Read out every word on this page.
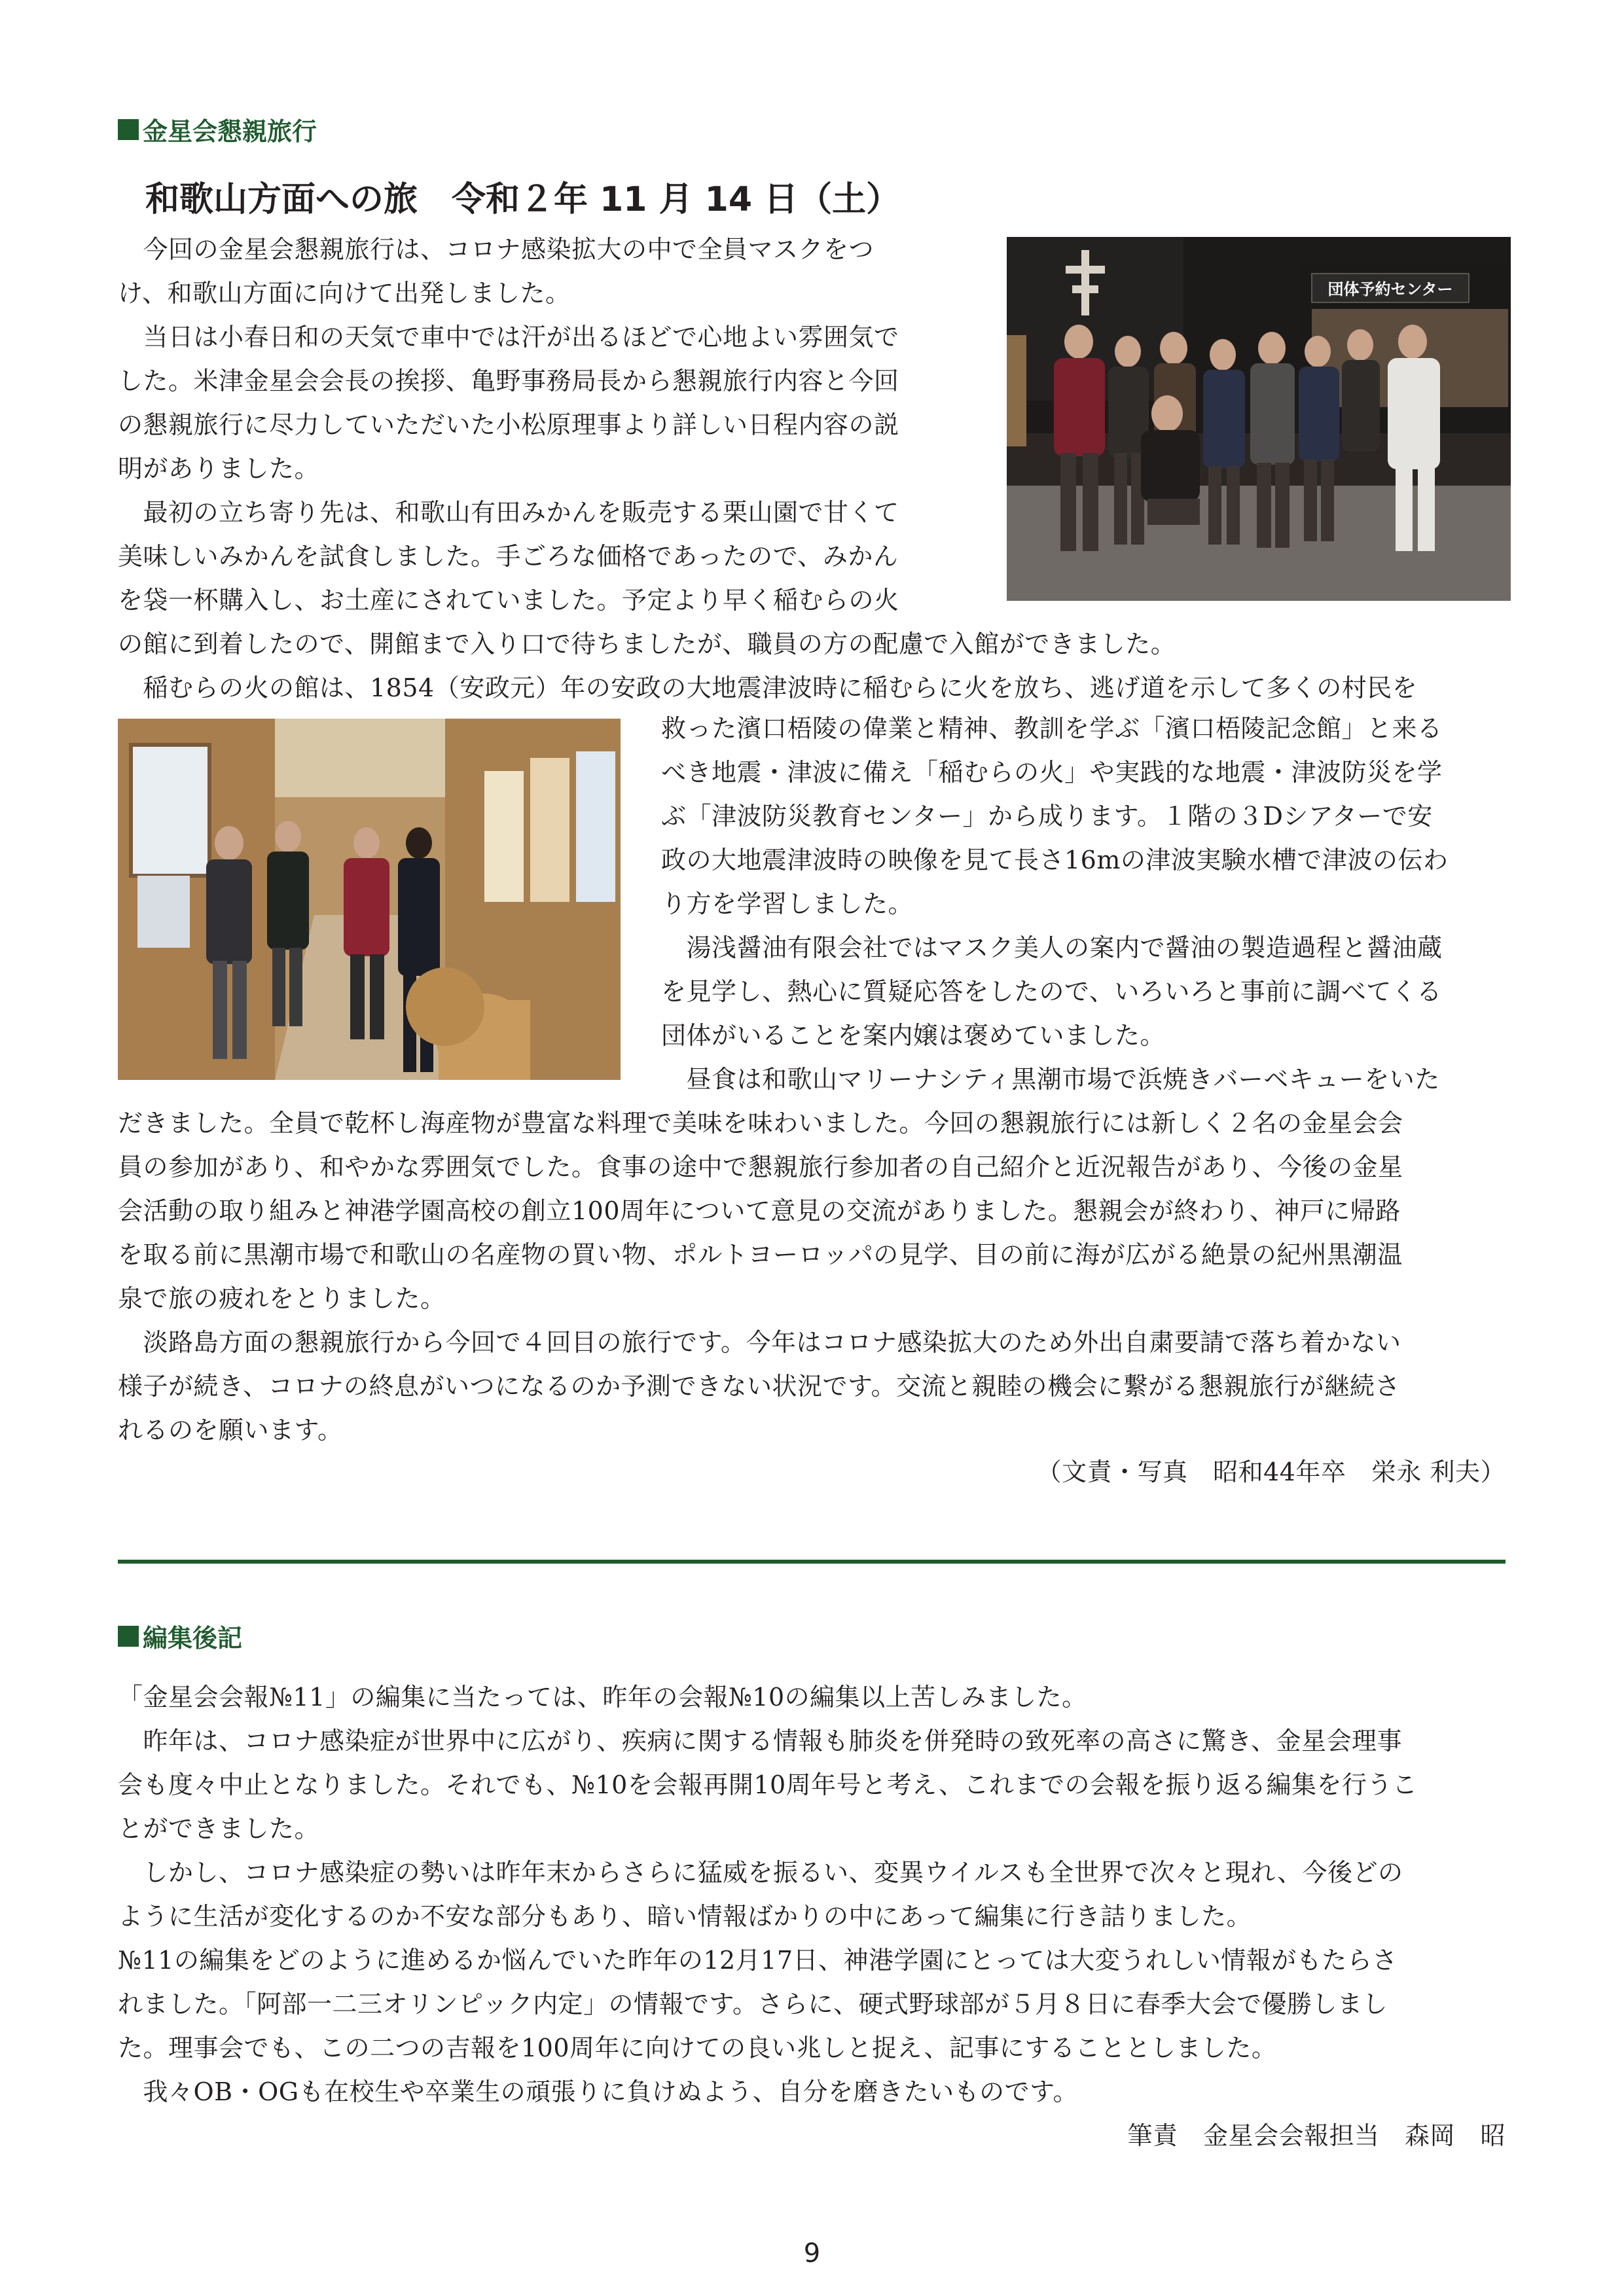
金星会懇親旅行
和歌山方面への旅　令和２年 11 月 14 日（土）
団体予約センター
　今回の金星会懇親旅行は、コロナ感染拡大の中で全員マスクをつ
け、和歌山方面に向けて出発しました。
　当日は小春日和の天気で車中では汗が出るほどで心地よい雰囲気で
した。米津金星会会長の挨拶、亀野事務局長から懇親旅行内容と今回
の懇親旅行に尽力していただいた小松原理事より詳しい日程内容の説
明がありました。
　最初の立ち寄り先は、和歌山有田みかんを販売する栗山園で甘くて
美味しいみかんを試食しました。手ごろな価格であったので、みかん
を袋一杯購入し、お土産にされていました。予定より早く稲むらの火
の館に到着したので、開館まで入り口で待ちましたが、職員の方の配慮で入館ができました。
　稲むらの火の館は、1854（安政元）年の安政の大地震津波時に稲むらに火を放ち、逃げ道を示して多くの村民を
救った濱口梧陵の偉業と精神、教訓を学ぶ「濱口梧陵記念館」と来る
べき地震・津波に備え「稲むらの火」や実践的な地震・津波防災を学
ぶ「津波防災教育センター」から成ります。１階の３Dシアターで安
政の大地震津波時の映像を見て長さ16mの津波実験水槽で津波の伝わ
り方を学習しました。
　湯浅醤油有限会社ではマスク美人の案内で醤油の製造過程と醤油蔵
を見学し、熱心に質疑応答をしたので、いろいろと事前に調べてくる
団体がいることを案内嬢は褒めていました。
　昼食は和歌山マリーナシティ黒潮市場で浜焼きバーベキューをいた
だきました。全員で乾杯し海産物が豊富な料理で美味を味わいました。今回の懇親旅行には新しく２名の金星会会
員の参加があり、和やかな雰囲気でした。食事の途中で懇親旅行参加者の自己紹介と近況報告があり、今後の金星
会活動の取り組みと神港学園高校の創立100周年について意見の交流がありました。懇親会が終わり、神戸に帰路
を取る前に黒潮市場で和歌山の名産物の買い物、ポルトヨーロッパの見学、目の前に海が広がる絶景の紀州黒潮温
泉で旅の疲れをとりました。
　淡路島方面の懇親旅行から今回で４回目の旅行です。今年はコロナ感染拡大のため外出自粛要請で落ち着かない
様子が続き、コロナの終息がいつになるのか予測できない状況です。交流と親睦の機会に繋がる懇親旅行が継続さ
れるのを願います。
（文責・写真　昭和44年卒　栄永 利夫）
編集後記
「金星会会報№11」の編集に当たっては、昨年の会報№10の編集以上苦しみました。
　昨年は、コロナ感染症が世界中に広がり、疾病に関する情報も肺炎を併発時の致死率の高さに驚き、金星会理事
会も度々中止となりました。それでも、№10を会報再開10周年号と考え、これまでの会報を振り返る編集を行うこ
とができました。
　しかし、コロナ感染症の勢いは昨年末からさらに猛威を振るい、変異ウイルスも全世界で次々と現れ、今後どの
ように生活が変化するのか不安な部分もあり、暗い情報ばかりの中にあって編集に行き詰りました。
№11の編集をどのように進めるか悩んでいた昨年の12月17日、神港学園にとっては大変うれしい情報がもたらさ
れました。「阿部一二三オリンピック内定」の情報です。さらに、硬式野球部が５月８日に春季大会で優勝しまし
た。理事会でも、この二つの吉報を100周年に向けての良い兆しと捉え、記事にすることとしました。
　我々OB・OGも在校生や卒業生の頑張りに負けぬよう、自分を磨きたいものです。
筆責　金星会会報担当　森岡　昭
9
